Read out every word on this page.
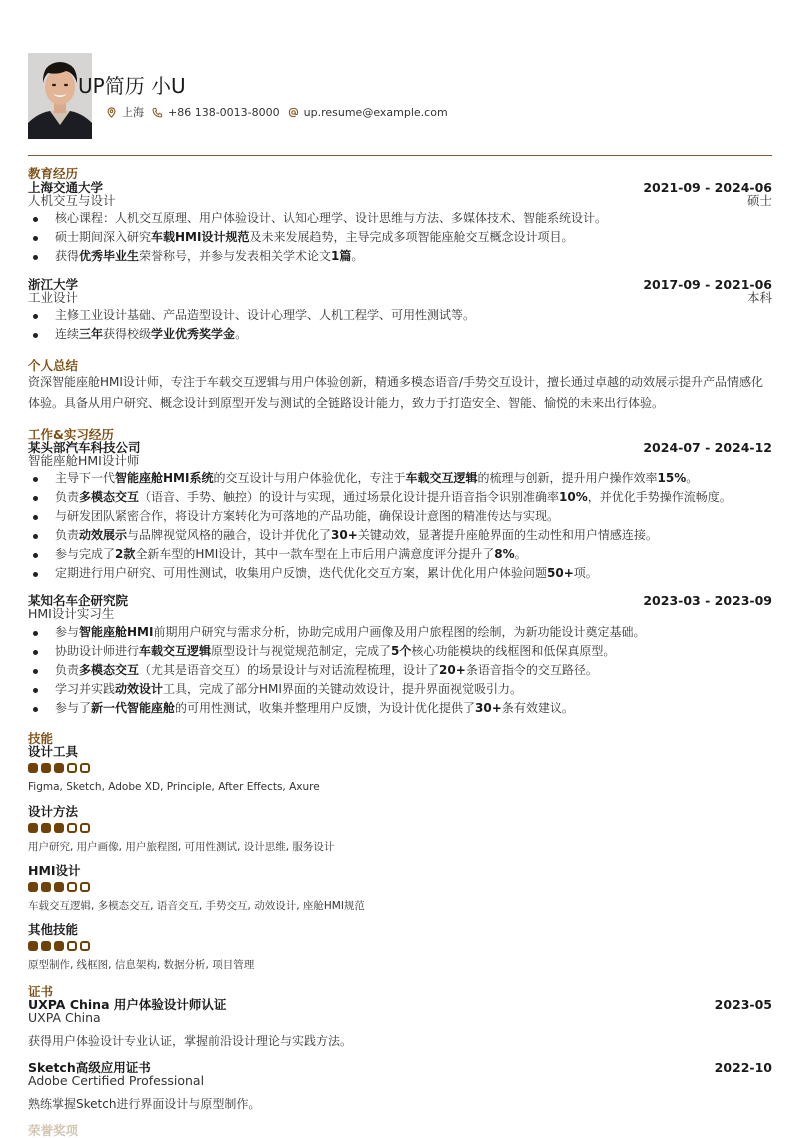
UP简历 小U
上海 +86 138-0013-8000 up.resume@example.com
教育经历
上海交通大学	2021-09 - 2024-06
人机交互与设计	硕士
核心课程：人机交互原理、用户体验设计、认知心理学、设计思维与方法、多媒体技术、智能系统设计。
硕士期间深入研究车载HMI设计规范及未来发展趋势，主导完成多项智能座舱交互概念设计项目。
获得优秀毕业生荣誉称号，并参与发表相关学术论文1篇。
浙江大学	2017-09 - 2021-06
工业设计	本科
主修工业设计基础、产品造型设计、设计心理学、人机工程学、可用性测试等。
连续三年获得校级学业优秀奖学金。
个人总结
资深智能座舱HMI设计师，专注于车载交互逻辑与用户体验创新，精通多模态语音/手势交互设计，擅长通过卓越的动效展示提升产品情感化体验。具备从用户研究、概念设计到原型开发与测试的全链路设计能力，致力于打造安全、智能、愉悦的未来出行体验。
工作&实习经历
某头部汽车科技公司	2024-07 - 2024-12
智能座舱HMI设计师
主导下一代智能座舱HMI系统的交互设计与用户体验优化，专注于车载交互逻辑的梳理与创新，提升用户操作效率15%。
负责多模态交互（语音、手势、触控）的设计与实现，通过场景化设计提升语音指令识别准确率10%，并优化手势操作流畅度。
与研发团队紧密合作，将设计方案转化为可落地的产品功能，确保设计意图的精准传达与实现。
负责动效展示与品牌视觉风格的融合，设计并优化了30+关键动效，显著提升座舱界面的生动性和用户情感连接。
参与完成了2款全新车型的HMI设计，其中一款车型在上市后用户满意度评分提升了8%。
定期进行用户研究、可用性测试，收集用户反馈，迭代优化交互方案，累计优化用户体验问题50+项。
某知名车企研究院	2023-03 - 2023-09
HMI设计实习生
参与智能座舱HMI前期用户研究与需求分析，协助完成用户画像及用户旅程图的绘制，为新功能设计奠定基础。
协助设计师进行车载交互逻辑原型设计与视觉规范制定，完成了5个核心功能模块的线框图和低保真原型。
负责多模态交互（尤其是语音交互）的场景设计与对话流程梳理，设计了20+条语音指令的交互路径。
学习并实践动效设计工具，完成了部分HMI界面的关键动效设计，提升界面视觉吸引力。
参与了新一代智能座舱的可用性测试，收集并整理用户反馈，为设计优化提供了30+条有效建议。
技能
设计工具
Figma, Sketch, Adobe XD, Principle, After Effects, Axure
设计方法
用户研究, 用户画像, 用户旅程图, 可用性测试, 设计思维, 服务设计
HMI设计
车载交互逻辑, 多模态交互, 语音交互, 手势交互, 动效设计, 座舱HMI规范
其他技能
原型制作, 线框图, 信息架构, 数据分析, 项目管理
证书
UXPA China 用户体验设计师认证	2023-05
UXPA China
获得用户体验设计专业认证，掌握前沿设计理论与实践方法。
Sketch高级应用证书	2022-10
Adobe Certified Professional
熟练掌握Sketch进行界面设计与原型制作。
荣誉奖项
